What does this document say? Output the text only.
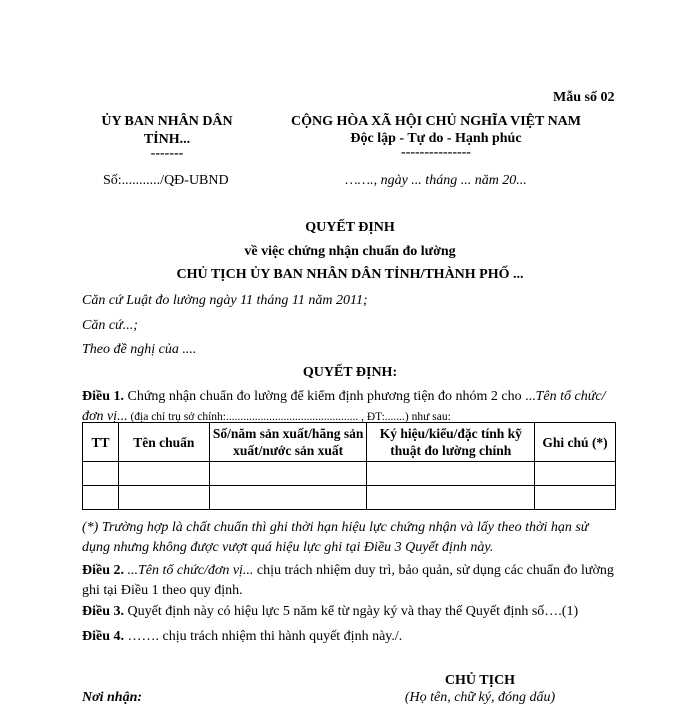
Mẫu số 02
ỦY BAN NHÂN DÂN
TỈNH...
-------
Số:.........../QĐ-UBND
CỘNG HÒA XÃ HỘI CHỦ NGHĨA VIỆT NAM
Độc lập - Tự do - Hạnh phúc
---------------
……., ngày ... tháng ... năm 20...
QUYẾT ĐỊNH
về việc chứng nhận chuẩn đo lường
CHỦ TỊCH ỦY BAN NHÂN DÂN TỈNH/THÀNH PHỐ ...
Căn cứ Luật đo lường ngày 11 tháng 11 năm 2011;
Căn cứ...;
Theo đề nghị của ....
QUYẾT ĐỊNH:
Điều 1. Chứng nhận chuẩn đo lường để kiểm định phương tiện đo nhóm 2 cho ...Tên tổ chức/đơn vị... (địa chỉ trụ sở chính:.............................................. , ĐT:.......) như sau:
TT	Tên chuẩn	Số/năm sản xuất/hãng sản xuất/nước sản xuất	Ký hiệu/kiểu/đặc tính kỹ thuật đo lường chính	Ghi chú (*)

(*) Trường hợp là chất chuẩn thì ghi thời hạn hiệu lực chứng nhận và lấy theo thời hạn sử dụng nhưng không được vượt quá hiệu lực ghi tại Điều 3 Quyết định này.
Điều 2. ...Tên tổ chức/đơn vị... chịu trách nhiệm duy trì, bảo quản, sử dụng các chuẩn đo lường ghi tại Điều 1 theo quy định.
Điều 3. Quyết định này có hiệu lực 5 năm kể từ ngày ký và thay thế Quyết định số….(1)
Điều 4. ……. chịu trách nhiệm thi hành quyết định này./.
CHỦ TỊCH
(Họ tên, chữ ký, đóng dấu)
Nơi nhận:
